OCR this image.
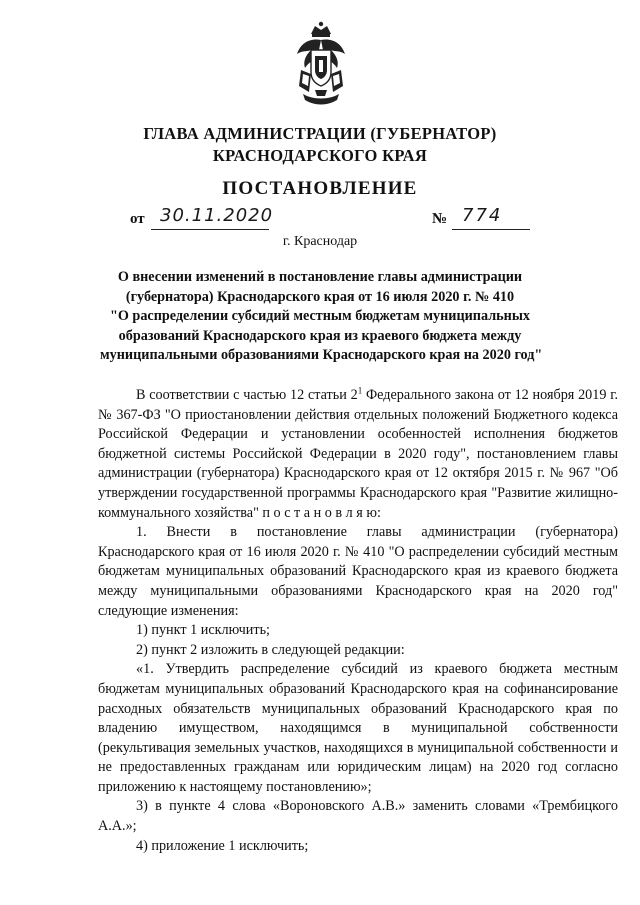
ГЛАВА АДМИНИСТРАЦИИ (ГУБЕРНАТОР)
КРАСНОДАРСКОГО КРАЯ
ПОСТАНОВЛЕНИЕ
от 30.11.2020	№ 774
г. Краснодар
О внесении изменений в постановление главы администрации
(губернатора) Краснодарского края от 16 июля 2020 г. № 410
"О распределении субсидий местным бюджетам муниципальных
образований Краснодарского края из краевого бюджета между
муниципальными образованиями Краснодарского края на 2020 год"
В соответствии с частью 12 статьи $2^1$ Федерального закона от 12 ноября 2019 г. № 367-ФЗ "О приостановлении действия отдельных положений Бюджетного кодекса Российской Федерации и установлении особенностей исполнения бюджетов бюджетной системы Российской Федерации в 2020 году", постановлением главы администрации (губернатора) Краснодарского края от 12 октября 2015 г. № 967 "Об утверждении государственной программы Краснодарского края "Развитие жилищно-коммунального хозяйства" п о с т а н о в л я ю:
1. Внести в постановление главы администрации (губернатора) Краснодарского края от 16 июля 2020 г. № 410 "О распределении субсидий местным бюджетам муниципальных образований Краснодарского края из краевого бюджета между муниципальными образованиями Краснодарского края на 2020 год" следующие изменения:
1) пункт 1 исключить;
2) пункт 2 изложить в следующей редакции:
«1. Утвердить распределение субсидий из краевого бюджета местным бюджетам муниципальных образований Краснодарского края на софинансирование расходных обязательств муниципальных образований Краснодарского края по владению имуществом, находящимся в муниципальной собственности (рекультивация земельных участков, находящихся в муниципальной собственности и не предоставленных гражданам или юридическим лицам) на 2020 год согласно приложению к настоящему постановлению»;
3) в пункте 4 слова «Вороновского А.В.» заменить словами «Трембицкого А.А.»;
4) приложение 1 исключить;
